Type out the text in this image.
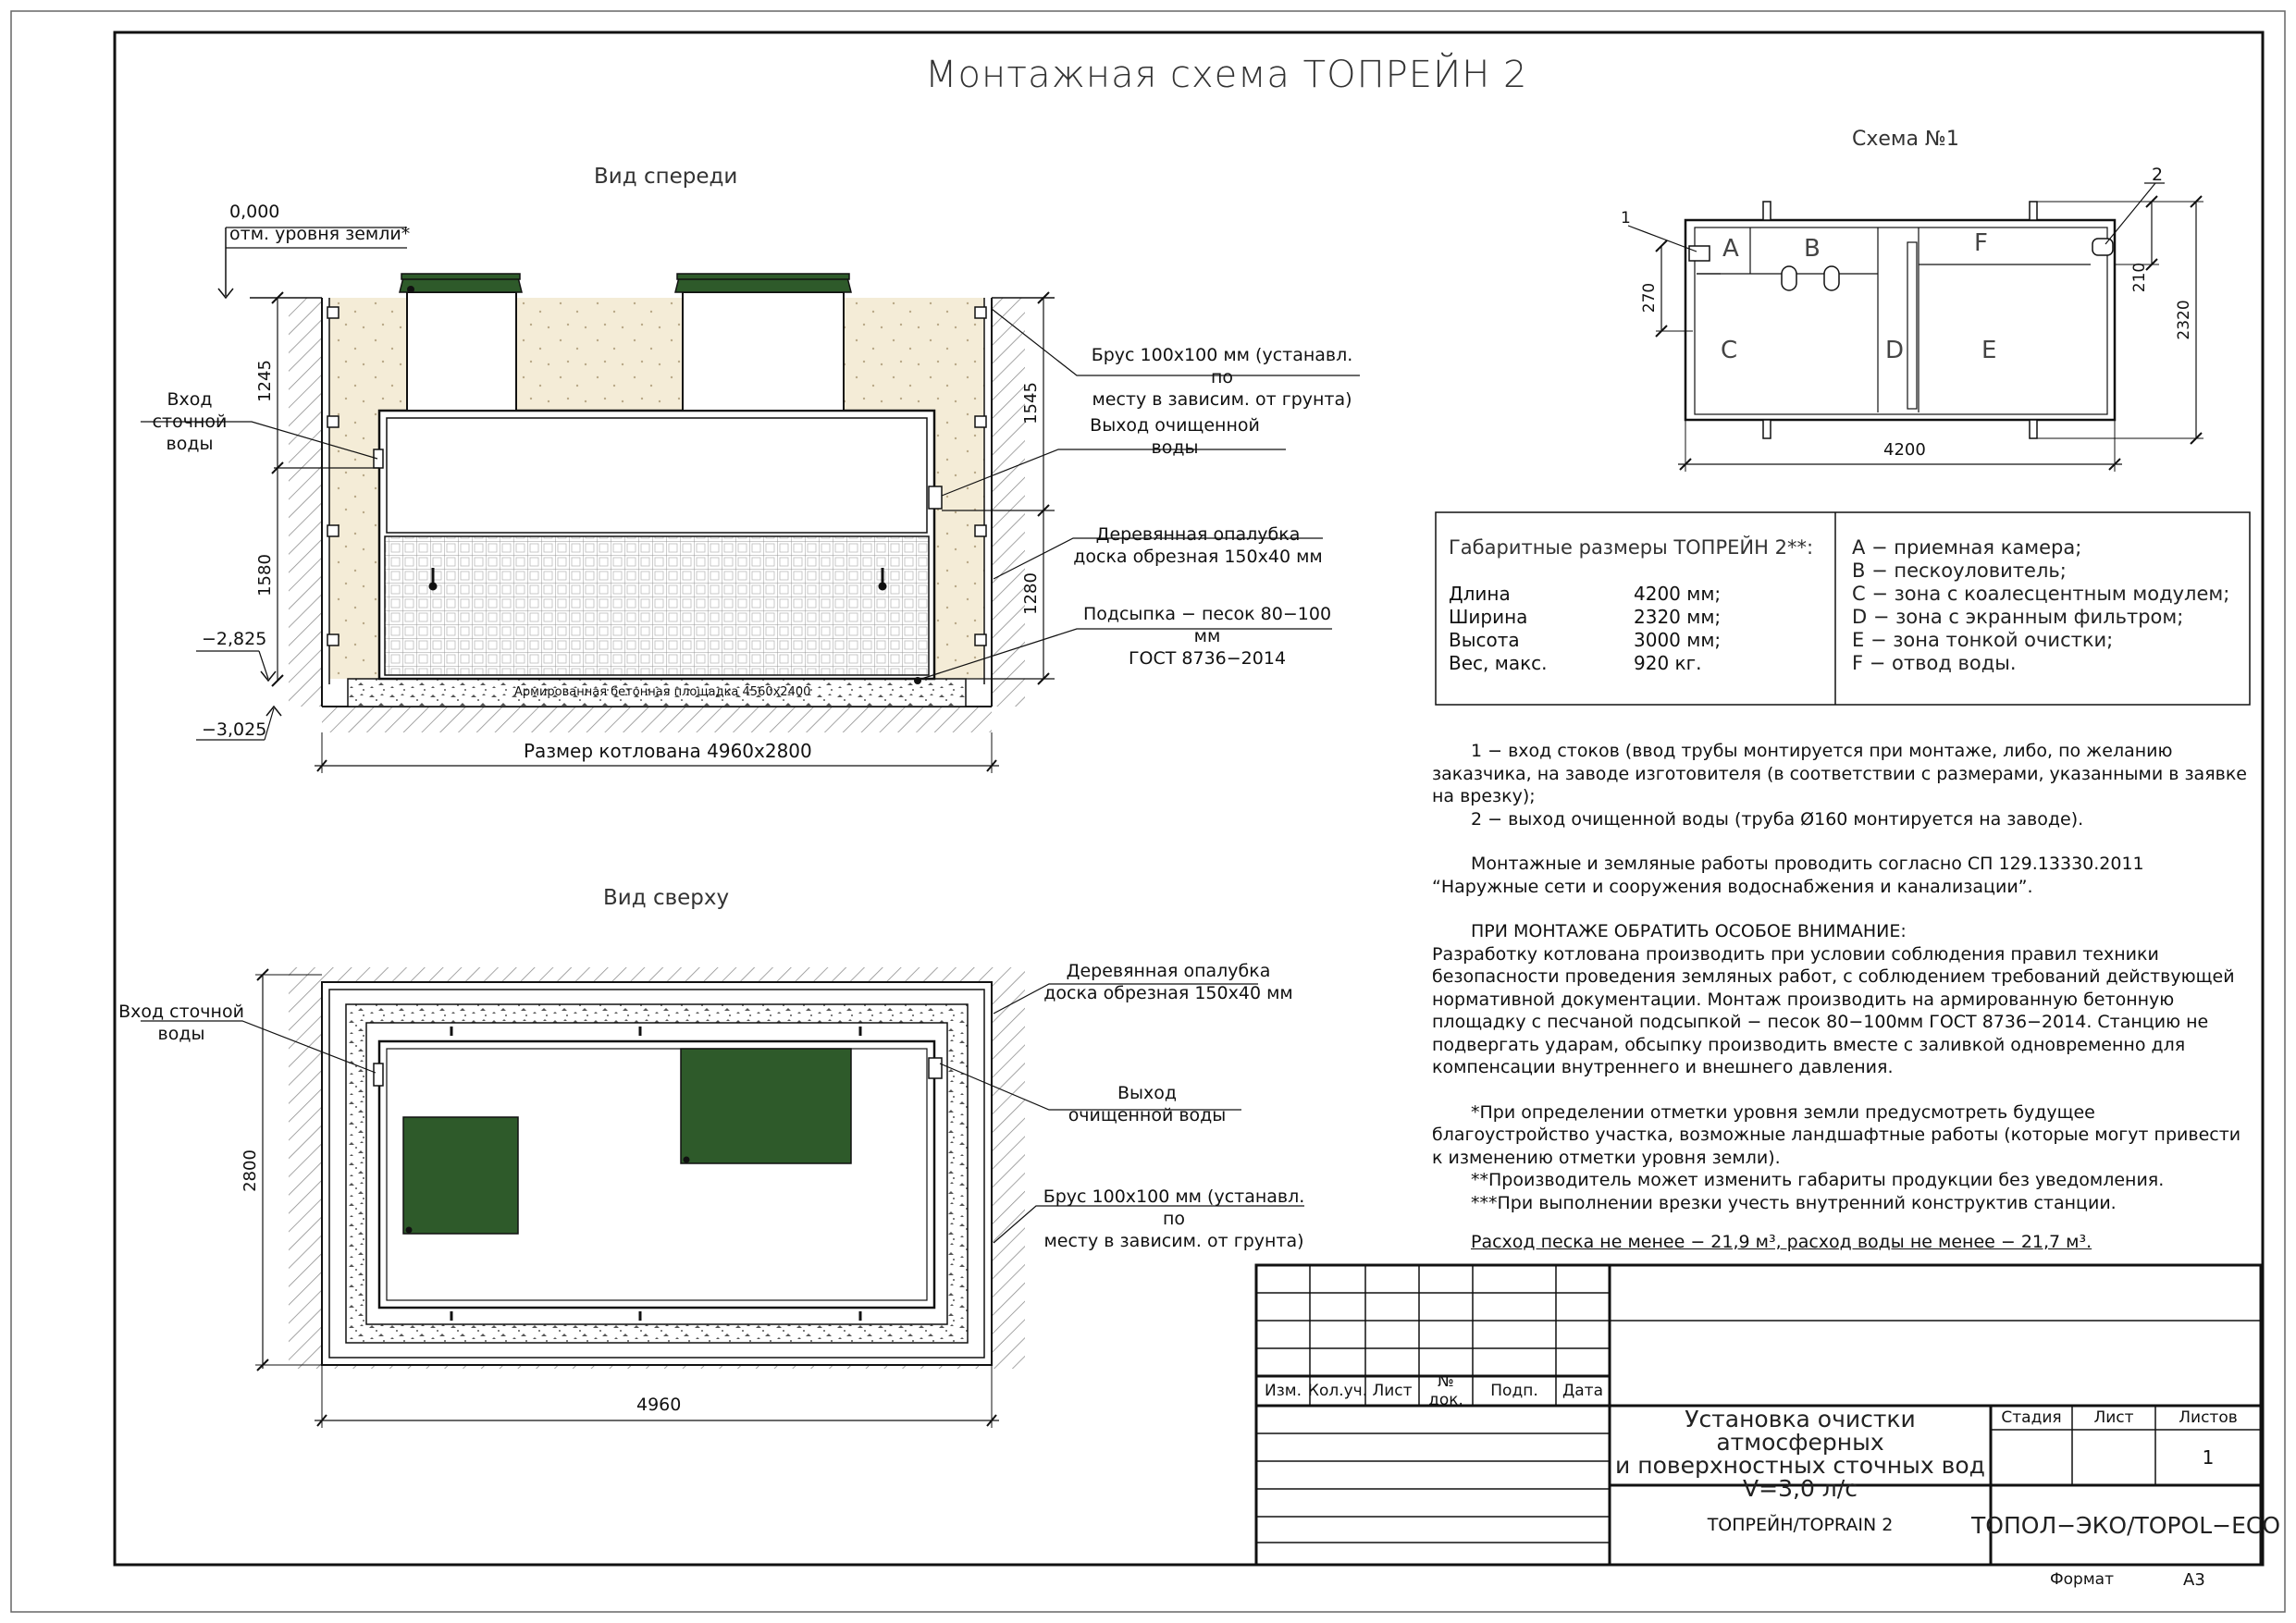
1245
1580
1545
1280
2800
270
210
2320
Монтажная схема ТОПРЕЙН 2
Вид спереди
0,000
отм. уровня земли*
−2,825
−3,025
Размер котлована 4960х2800
Армированная бетонная площадка 4560х2400
Вход сточной
воды
Брус 100х100 мм (устанавл. по
месту в зависим. от грунта)
Выход очищенной
воды
Деревянная опалубка
доска обрезная 150х40 мм
Подсыпка − песок 80−100 мм
ГОСТ 8736−2014
Вид сверху
4960
Деревянная опалубка
доска обрезная 150х40 мм
Вход сточной
воды
Выход
очищенной воды
Брус 100х100 мм (устанавл. по
месту в зависим. от грунта)
Схема №1
A	B
C	D	E
F
1
2
4200
Габаритные размеры ТОПРЕЙН 2**:
Длина	4200 мм;
Ширина	2320 мм;
Высота	3000 мм;
Вес, макс.	920 кг.
А − приемная камера;
В − пескоуловитель;
С − зона с коалесцентным модулем;
D − зона с экранным фильтром;
Е − зона тонкой очистки;
F − отвод воды.

1 − вход стоков (ввод трубы монтируется при монтаже, либо, по желанию заказчика, на заводе изготовителя (в соответствии с размерами, указанными в заявке на врезку);

2 − выход очищенной воды (труба Ø160 монтируется на заводе).

Монтажные и земляные работы проводить согласно СП 129.13330.2011 “Наружные сети и сооружения водоснабжения и канализации”.

ПРИ МОНТАЖЕ ОБРАТИТЬ ОСОБОЕ ВНИМАНИЕ:

Разработку котлована производить при условии соблюдения правил техники безопасности проведения земляных работ, с соблюдением требований действующей нормативной документации. Монтаж производить на армированную бетонную площадку с песчаной подсыпкой − песок 80−100мм ГОСТ 8736−2014. Станцию не подвергать ударам, обсыпку производить вместе с заливкой одновременно для компенсации внутреннего и внешнего давления.

*При определении отметки уровня земли предусмотреть будущее благоустройство участка, возможные ландшафтные работы (которые могут привести к изменению отметки уровня земли).

**Производитель может изменить габариты продукции без уведомления.

***При выполнении врезки учесть внутренний конструктив станции.

Расход песка не менее − 21,9 м³, расход воды не менее − 21,7 м³.

Изм. Кол.уч. Лист	№ док.	Подп.	Дата
Установка очистки атмосферных
и поверхностных сточных вод
V=3,0 л/с
Стадия	Лист	Листов
1
ТОПРЕЙН/TOPRAIN 2	ТОПОЛ−ЭКО/TOPOL−ECO
Формат	А3
